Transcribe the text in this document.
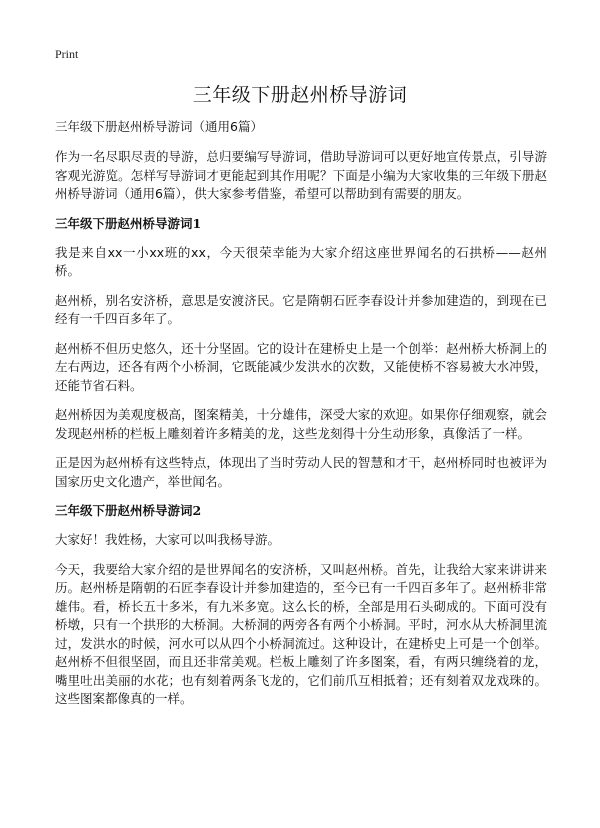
Print
三年级下册赵州桥导游词

三年级下册赵州桥导游词（通用6篇）

作为一名尽职尽责的导游，总归要编写导游词，借助导游词可以更好地宣传景点，引导游客观光游览。怎样写导游词才更能起到其作用呢？下面是小编为大家收集的三年级下册赵州桥导游词（通用6篇），供大家参考借鉴，希望可以帮助到有需要的朋友。

三年级下册赵州桥导游词1

我是来自xx一小xx班的xx，今天很荣幸能为大家介绍这座世界闻名的石拱桥——赵州桥。

赵州桥，别名安济桥，意思是安渡济民。它是隋朝石匠李春设计并参加建造的，到现在已经有一千四百多年了。

赵州桥不但历史悠久，还十分坚固。它的设计在建桥史上是一个创举：赵州桥大桥洞上的左右两边，还各有两个小桥洞，它既能减少发洪水的次数，又能使桥不容易被大水冲毁，还能节省石料。

赵州桥因为美观度极高，图案精美，十分雄伟，深受大家的欢迎。如果你仔细观察，就会发现赵州桥的栏板上雕刻着许多精美的龙，这些龙刻得十分生动形象，真像活了一样。

正是因为赵州桥有这些特点，体现出了当时劳动人民的智慧和才干，赵州桥同时也被评为国家历史文化遗产，举世闻名。

三年级下册赵州桥导游词2

大家好！我姓杨，大家可以叫我杨导游。

今天，我要给大家介绍的是世界闻名的安济桥，又叫赵州桥。首先，让我给大家来讲讲来历。赵州桥是隋朝的石匠李春设计并参加建造的，至今已有一千四百多年了。赵州桥非常雄伟。看，桥长五十多米，有九米多宽。这么长的桥，全部是用石头砌成的。下面可没有桥墩，只有一个拱形的大桥洞。大桥洞的两旁各有两个小桥洞。平时，河水从大桥洞里流过，发洪水的时候，河水可以从四个小桥洞流过。这种设计，在建桥史上可是一个创举。赵州桥不但很坚固，而且还非常美观。栏板上雕刻了许多图案，看，有两只缠绕着的龙，嘴里吐出美丽的水花；也有刻着两条飞龙的，它们前爪互相抵着；还有刻着双龙戏珠的。这些图案都像真的一样。
